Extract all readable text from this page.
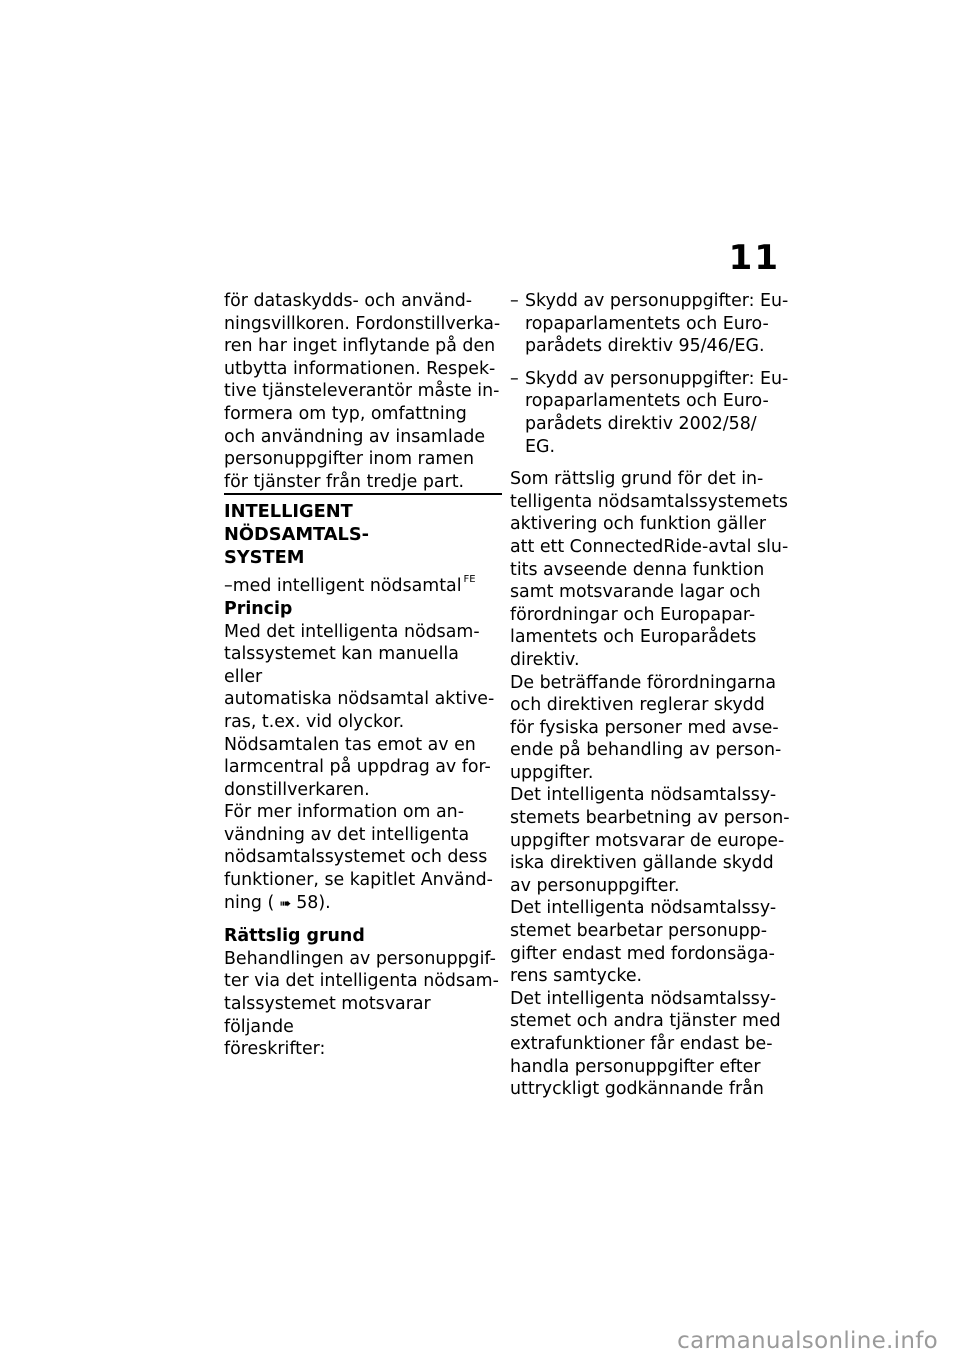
11

för dataskydds- och använd-
ningsvillkoren. Fordonstillverka-
ren har inget inflytande på den
utbytta informationen. Respek-
tive tjänsteleverantör måste in-
formera om typ, omfattning
och användning av insamlade
personuppgifter inom ramen
för tjänster från tredje part.

INTELLIGENT NÖDSAMTALS-
SYSTEM

–med intelligent nödsamtal $^{FE}$

Princip

Med det intelligenta nödsam-
talssystemet kan manuella eller
automatiska nödsamtal aktive-
ras, t.ex. vid olyckor.

Nödsamtalen tas emot av en
larmcentral på uppdrag av for-
donstillverkaren.

För mer information om an-
vändning av det intelligenta
nödsamtalssystemet och dess
funktioner, se kapitlet Använd-
ning ( ➠ 58).

Rättslig grund

Behandlingen av personuppgif-
ter via det intelligenta nödsam-
talssystemet motsvarar följande
föreskrifter:

– Skydd av personuppgifter: Eu-
ropaparlamentets och Euro-
parådets direktiv 95/46/EG.
– Skydd av personuppgifter: Eu-
ropaparlamentets och Euro-
parådets direktiv 2002/58/
EG.

Som rättslig grund för det in-
telligenta nödsamtalssystemets
aktivering och funktion gäller
att ett ConnectedRide-avtal slu-
tits avseende denna funktion
samt motsvarande lagar och
förordningar och Europapar-
lamentets och Europarådets
direktiv.

De beträffande förordningarna
och direktiven reglerar skydd
för fysiska personer med avse-
ende på behandling av person-
uppgifter.

Det intelligenta nödsamtalssy-
stemets bearbetning av person-
uppgifter motsvarar de europe-
iska direktiven gällande skydd
av personuppgifter.

Det intelligenta nödsamtalssy-
stemet bearbetar personupp-
gifter endast med fordonsäga-
rens samtycke.

Det intelligenta nödsamtalssy-
stemet och andra tjänster med
extrafunktioner får endast be-
handla personuppgifter efter
uttryckligt godkännande från

carmanualsonline.info
